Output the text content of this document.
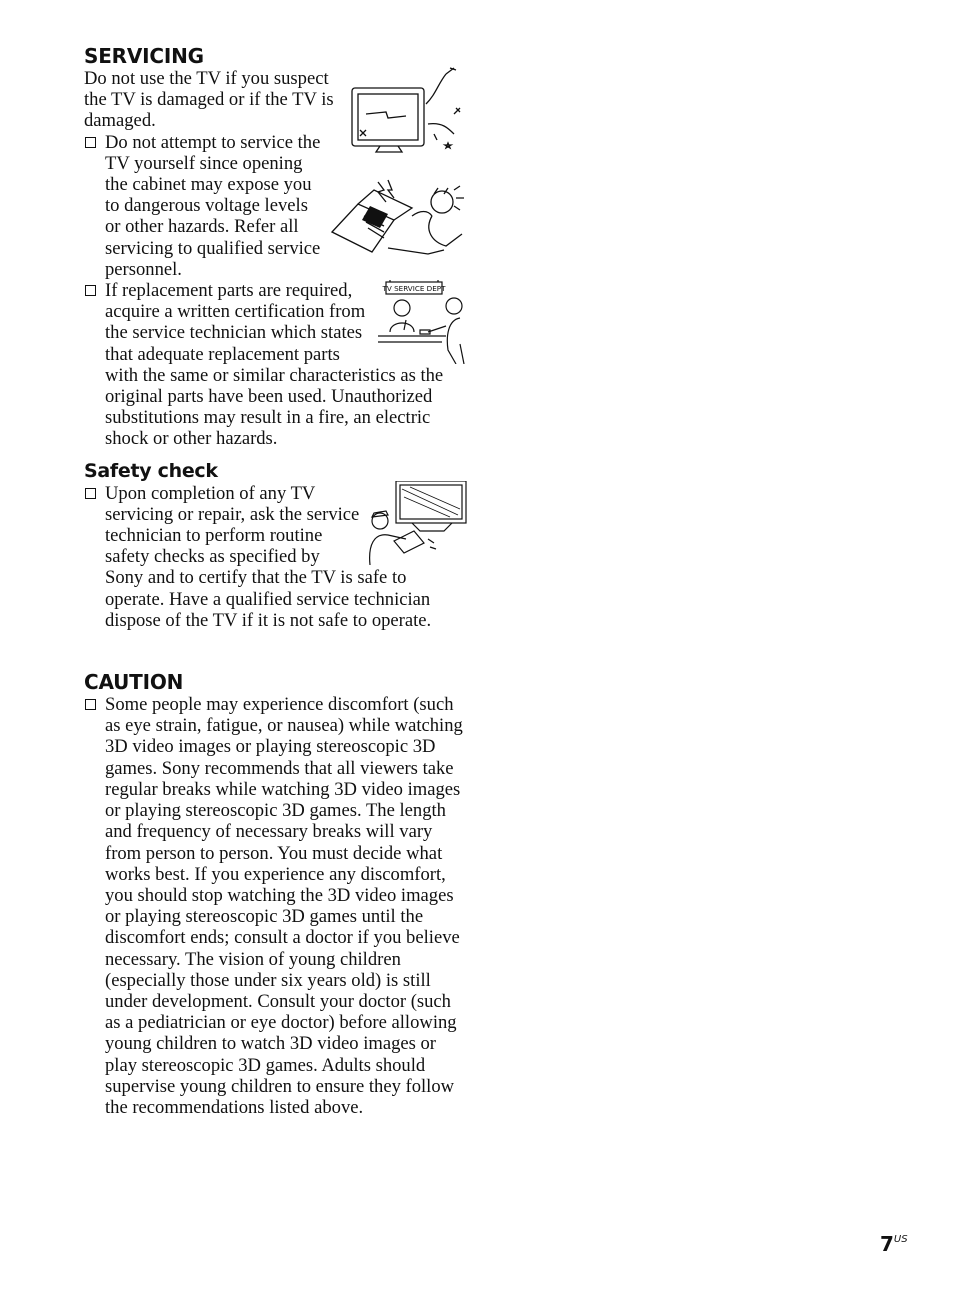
SERVICING

Do not use the TV if you suspect the TV is damaged or if the TV is damaged.

Do not attempt to service the TV yourself since opening the cabinet may expose you to dangerous voltage levels or other hazards. Refer all servicing to qualified service personnel.
TV SERVICE DEPT
If replacement parts are required, acquire a written certification from the service technician which states that adequate replacement parts with the same or similar characteristics as the original parts have been used. Unauthorized substitutions may result in a fire, an electric shock or other hazards.
Safety check
Upon completion of any TV servicing or repair, ask the service technician to perform routine safety checks as specified by Sony and to certify that the TV is safe to operate. Have a qualified service technician dispose of the TV if it is not safe to operate.
CAUTION
Some people may experience discomfort (such as eye strain, fatigue, or nausea) while watching 3D video images or playing stereoscopic 3D games. Sony recommends that all viewers take regular breaks while watching 3D video images or playing stereoscopic 3D games. The length and frequency of necessary breaks will vary from person to person. You must decide what works best. If you experience any discomfort, you should stop watching the 3D video images or playing stereoscopic 3D games until the discomfort ends; consult a doctor if you believe necessary. The vision of young children (especially those under six years old) is still under development. Consult your doctor (such as a pediatrician or eye doctor) before allowing young children to watch 3D video images or play stereoscopic 3D games. Adults should supervise young children to ensure they follow the recommendations listed above.
$7^{US}$
